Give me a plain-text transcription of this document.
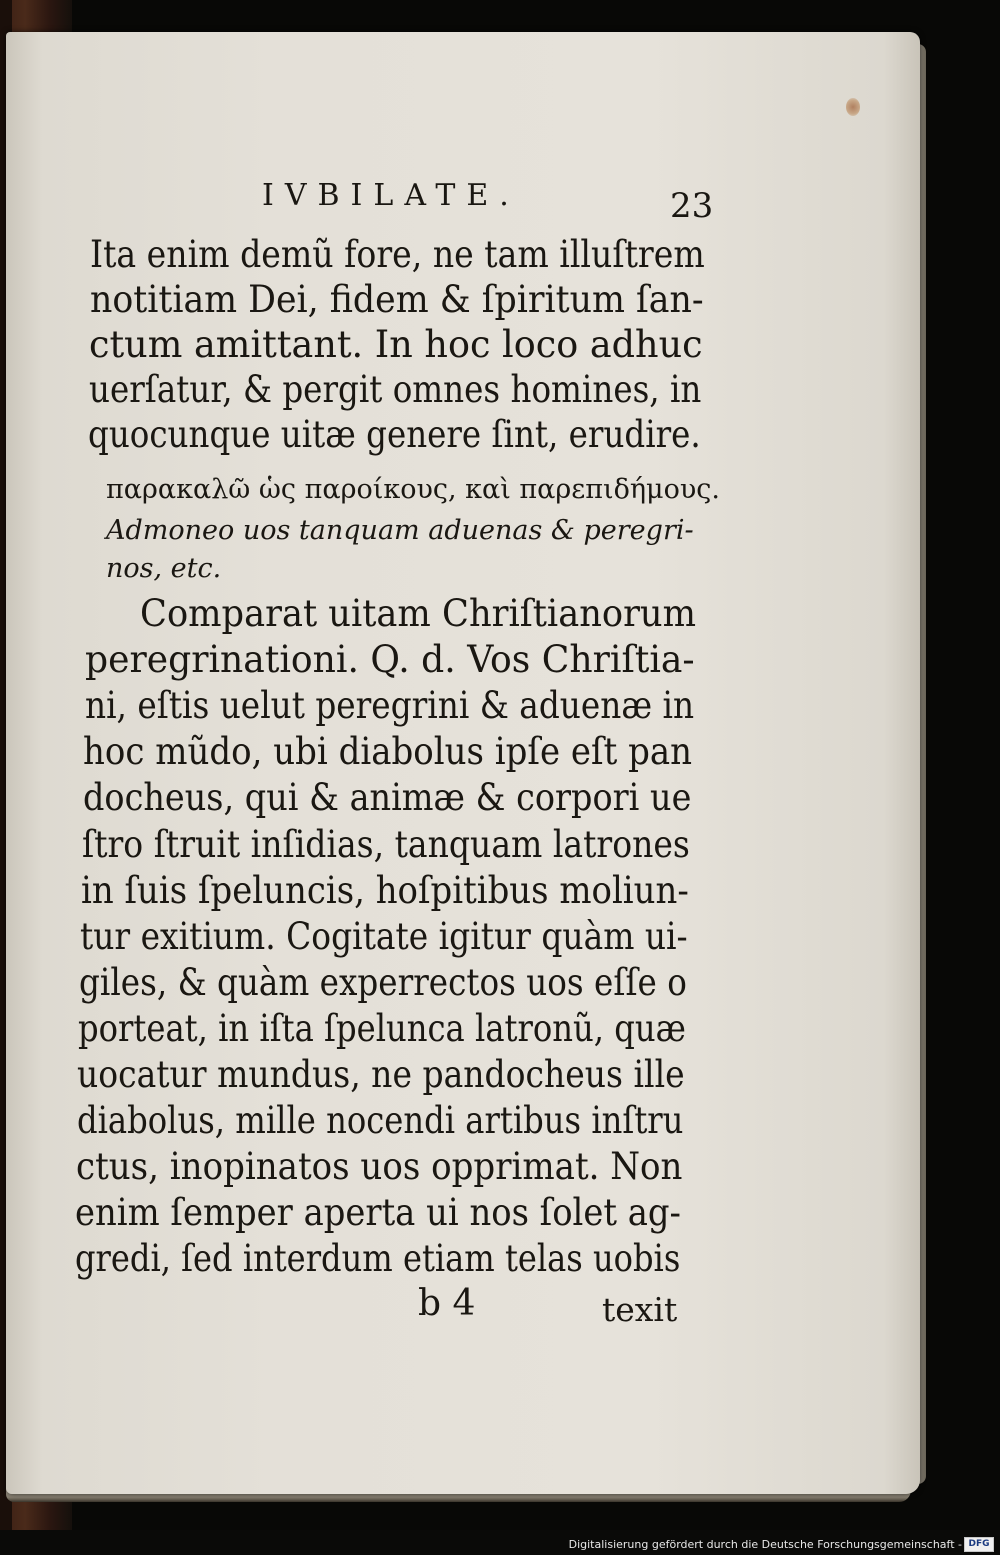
IVBILATE.	23
Ita enim demũ fore, ne tam illuſtrem
notitiam Dei, fidem & ſpiritum ſan-
ctum amittant. In hoc loco adhuc
uerſatur, & pergit omnes homines, in
quocunque uitæ genere ſint, erudire.
παρακαλῶ ὡς παροίκους, καὶ παρεπιδήμους.
Admoneo uos tanquam aduenas & peregri-
nos, etc.
Comparat uitam Chriſtianorum
peregrinationi. Q. d. Vos Chriſtia-
ni, eſtis uelut peregrini & aduenæ in
hoc mũdo, ubi diabolus ipſe eſt pan
docheus, qui & animæ & corpori ue
ſtro ſtruit inſidias, tanquam latrones
in ſuis ſpeluncis, hoſpitibus moliun-
tur exitium. Cogitate igitur quàm ui-
giles, & quàm experrectos uos eſſe o
porteat, in iſta ſpelunca latronũ, quæ
uocatur mundus, ne pandocheus ille
diabolus, mille nocendi artibus inſtru
ctus, inopinatos uos opprimat. Non
enim ſemper aperta ui nos ſolet ag-
gredi, ſed interdum etiam telas uobis
b 4	texit
Digitalisierung gefördert durch die Deutsche Forschungsgemeinschaft - DFG
